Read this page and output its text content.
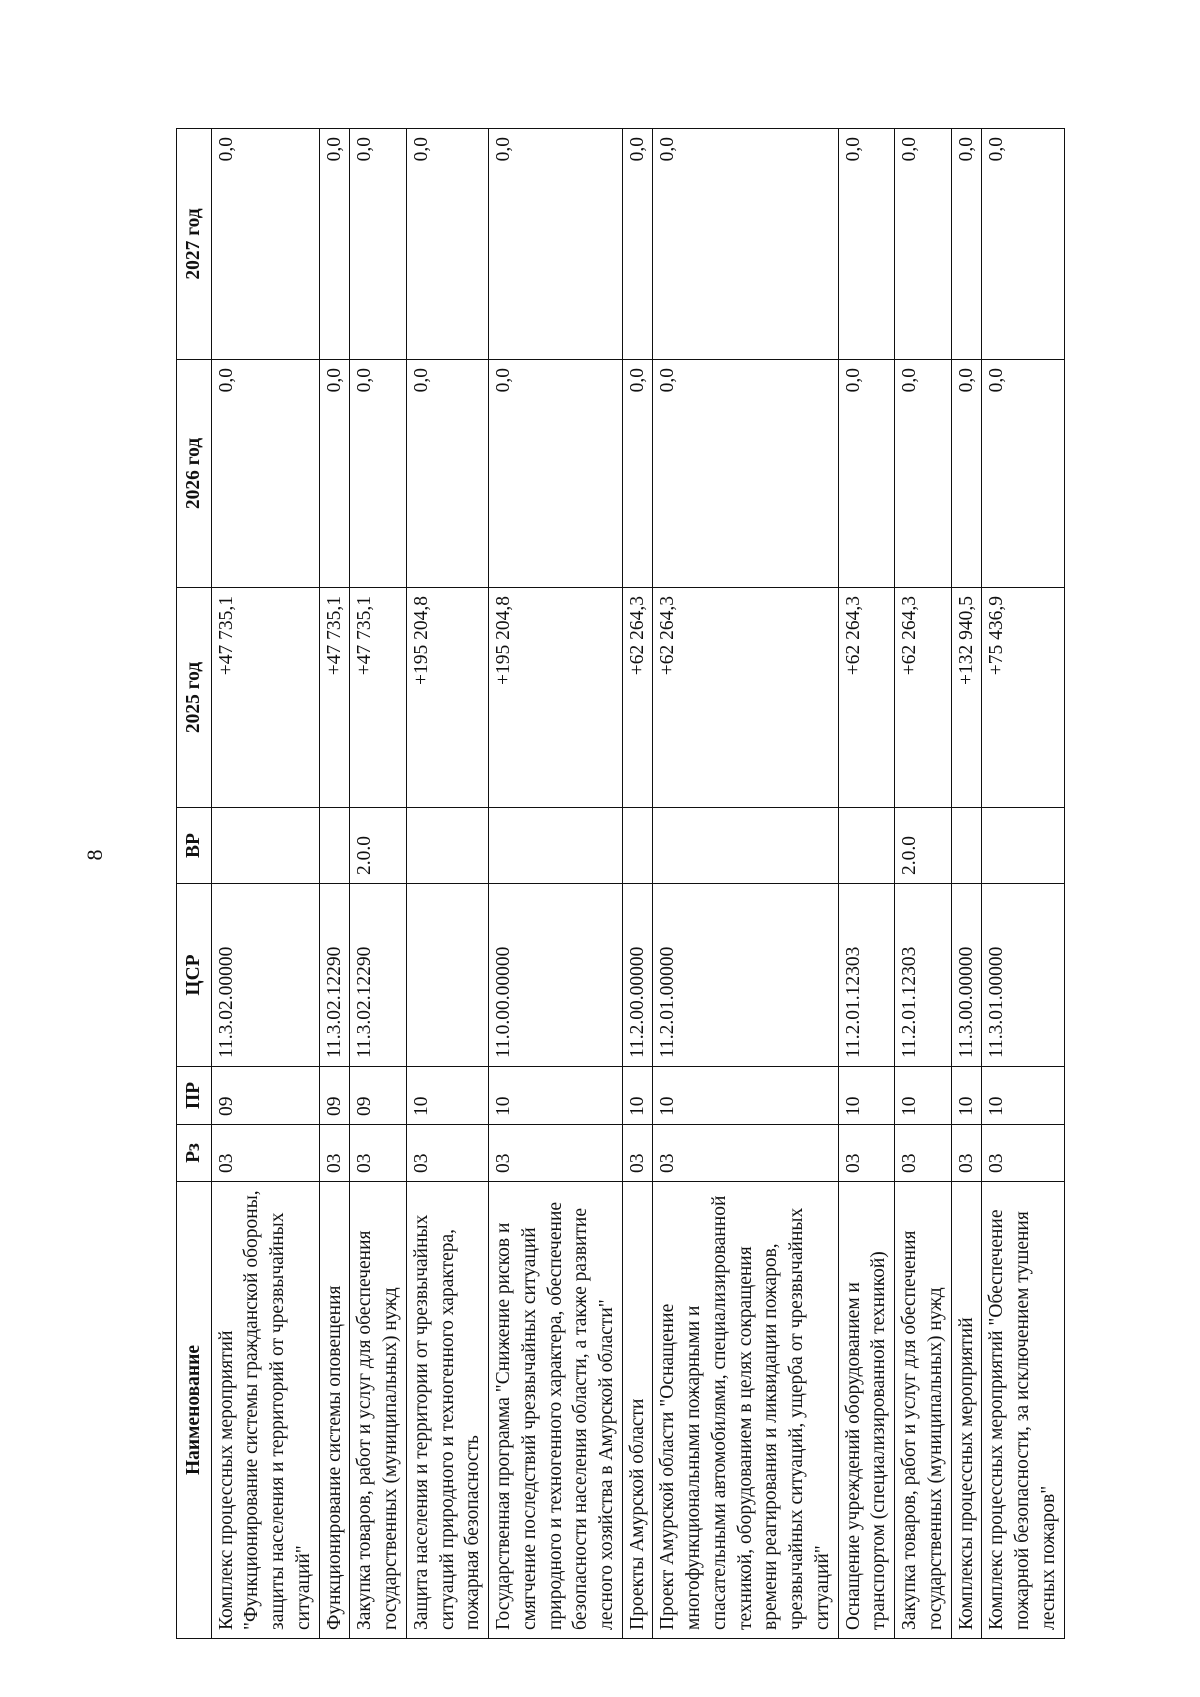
8
Наименование	Рз	ПР	ЦСР	ВР	2025 год	2026 год	2027 год
Комплекс процессных мероприятий "Функционирование системы гражданской обороны, защиты населения и территорий от чрезвычайных ситуаций"	03	09	11.3.02.00000		+47 735,1	0,0	0,0
Функционирование системы оповещения	03	09	11.3.02.12290		+47 735,1	0,0	0,0
Закупка товаров, работ и услуг для обеспечения государственных (муниципальных) нужд	03	09	11.3.02.12290	2.0.0	+47 735,1	0,0	0,0
Защита населения и территории от чрезвычайных ситуаций природного и техногенного характера, пожарная безопасность	03	10			+195 204,8	0,0	0,0
Государственная программа "Снижение рисков и смягчение последствий чрезвычайных ситуаций природного и техногенного характера, обеспечение безопасности населения области, а также развитие лесного хозяйства в Амурской области"	03	10	11.0.00.00000		+195 204,8	0,0	0,0
Проекты Амурской области	03	10	11.2.00.00000		+62 264,3	0,0	0,0
Проект Амурской области "Оснащение многофункциональными пожарными и спасательными автомобилями, специализированной техникой, оборудованием в целях сокращения времени реагирования и ликвидации пожаров, чрезвычайных ситуаций, ущерба от чрезвычайных ситуаций"	03	10	11.2.01.00000		+62 264,3	0,0	0,0
Оснащение учреждений оборудованием и транспортом (специализированной техникой)	03	10	11.2.01.12303		+62 264,3	0,0	0,0
Закупка товаров, работ и услуг для обеспечения государственных (муниципальных) нужд	03	10	11.2.01.12303	2.0.0	+62 264,3	0,0	0,0
Комплексы процессных мероприятий	03	10	11.3.00.00000		+132 940,5	0,0	0,0
Комплекс процессных мероприятий "Обеспечение пожарной безопасности, за исключением тушения лесных пожаров"	03	10	11.3.01.00000		+75 436,9	0,0	0,0
